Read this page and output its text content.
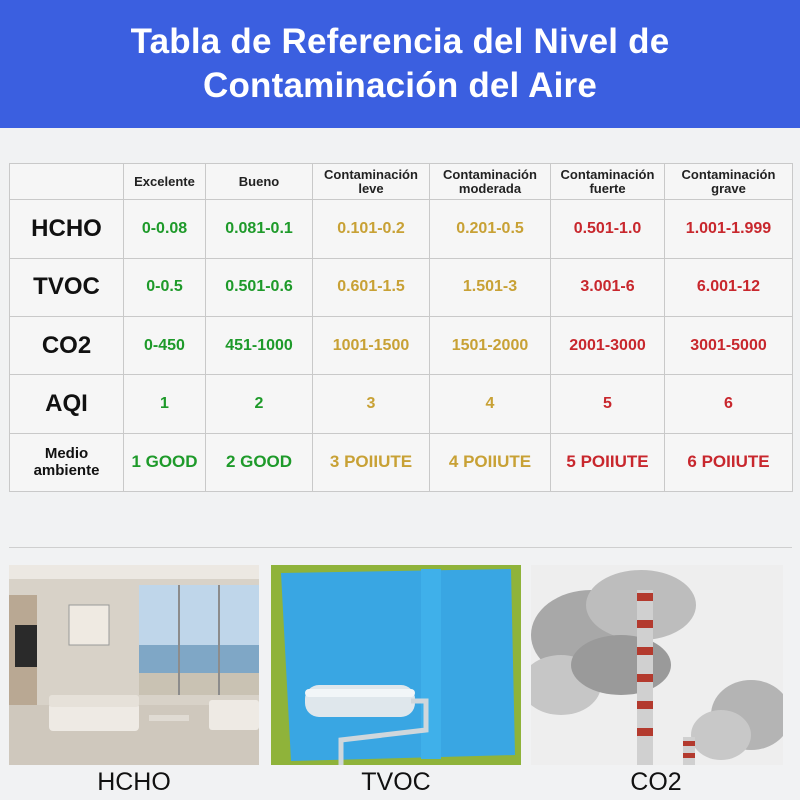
Tabla de Referencia del Nivel de
Contaminación del Aire
	Excelente	Bueno	Contaminación leve	Contaminación moderada	Contaminación fuerte	Contaminación grave
HCHO	0-0.08	0.081-0.1	0.101-0.2	0.201-0.5	0.501-1.0	1.001-1.999
TVOC	0-0.5	0.501-0.6	0.601-1.5	1.501-3	3.001-6	6.001-12
CO2	0-450	451-1000	1001-1500	1501-2000	2001-3000	3001-5000
AQI	1	2	3	4	5	6
Medio ambiente	1 GOOD	2 GOOD	3 POIIUTE	4 POIIUTE	5 POIIUTE	6 POIIUTE
HCHO	TVOC	CO2
